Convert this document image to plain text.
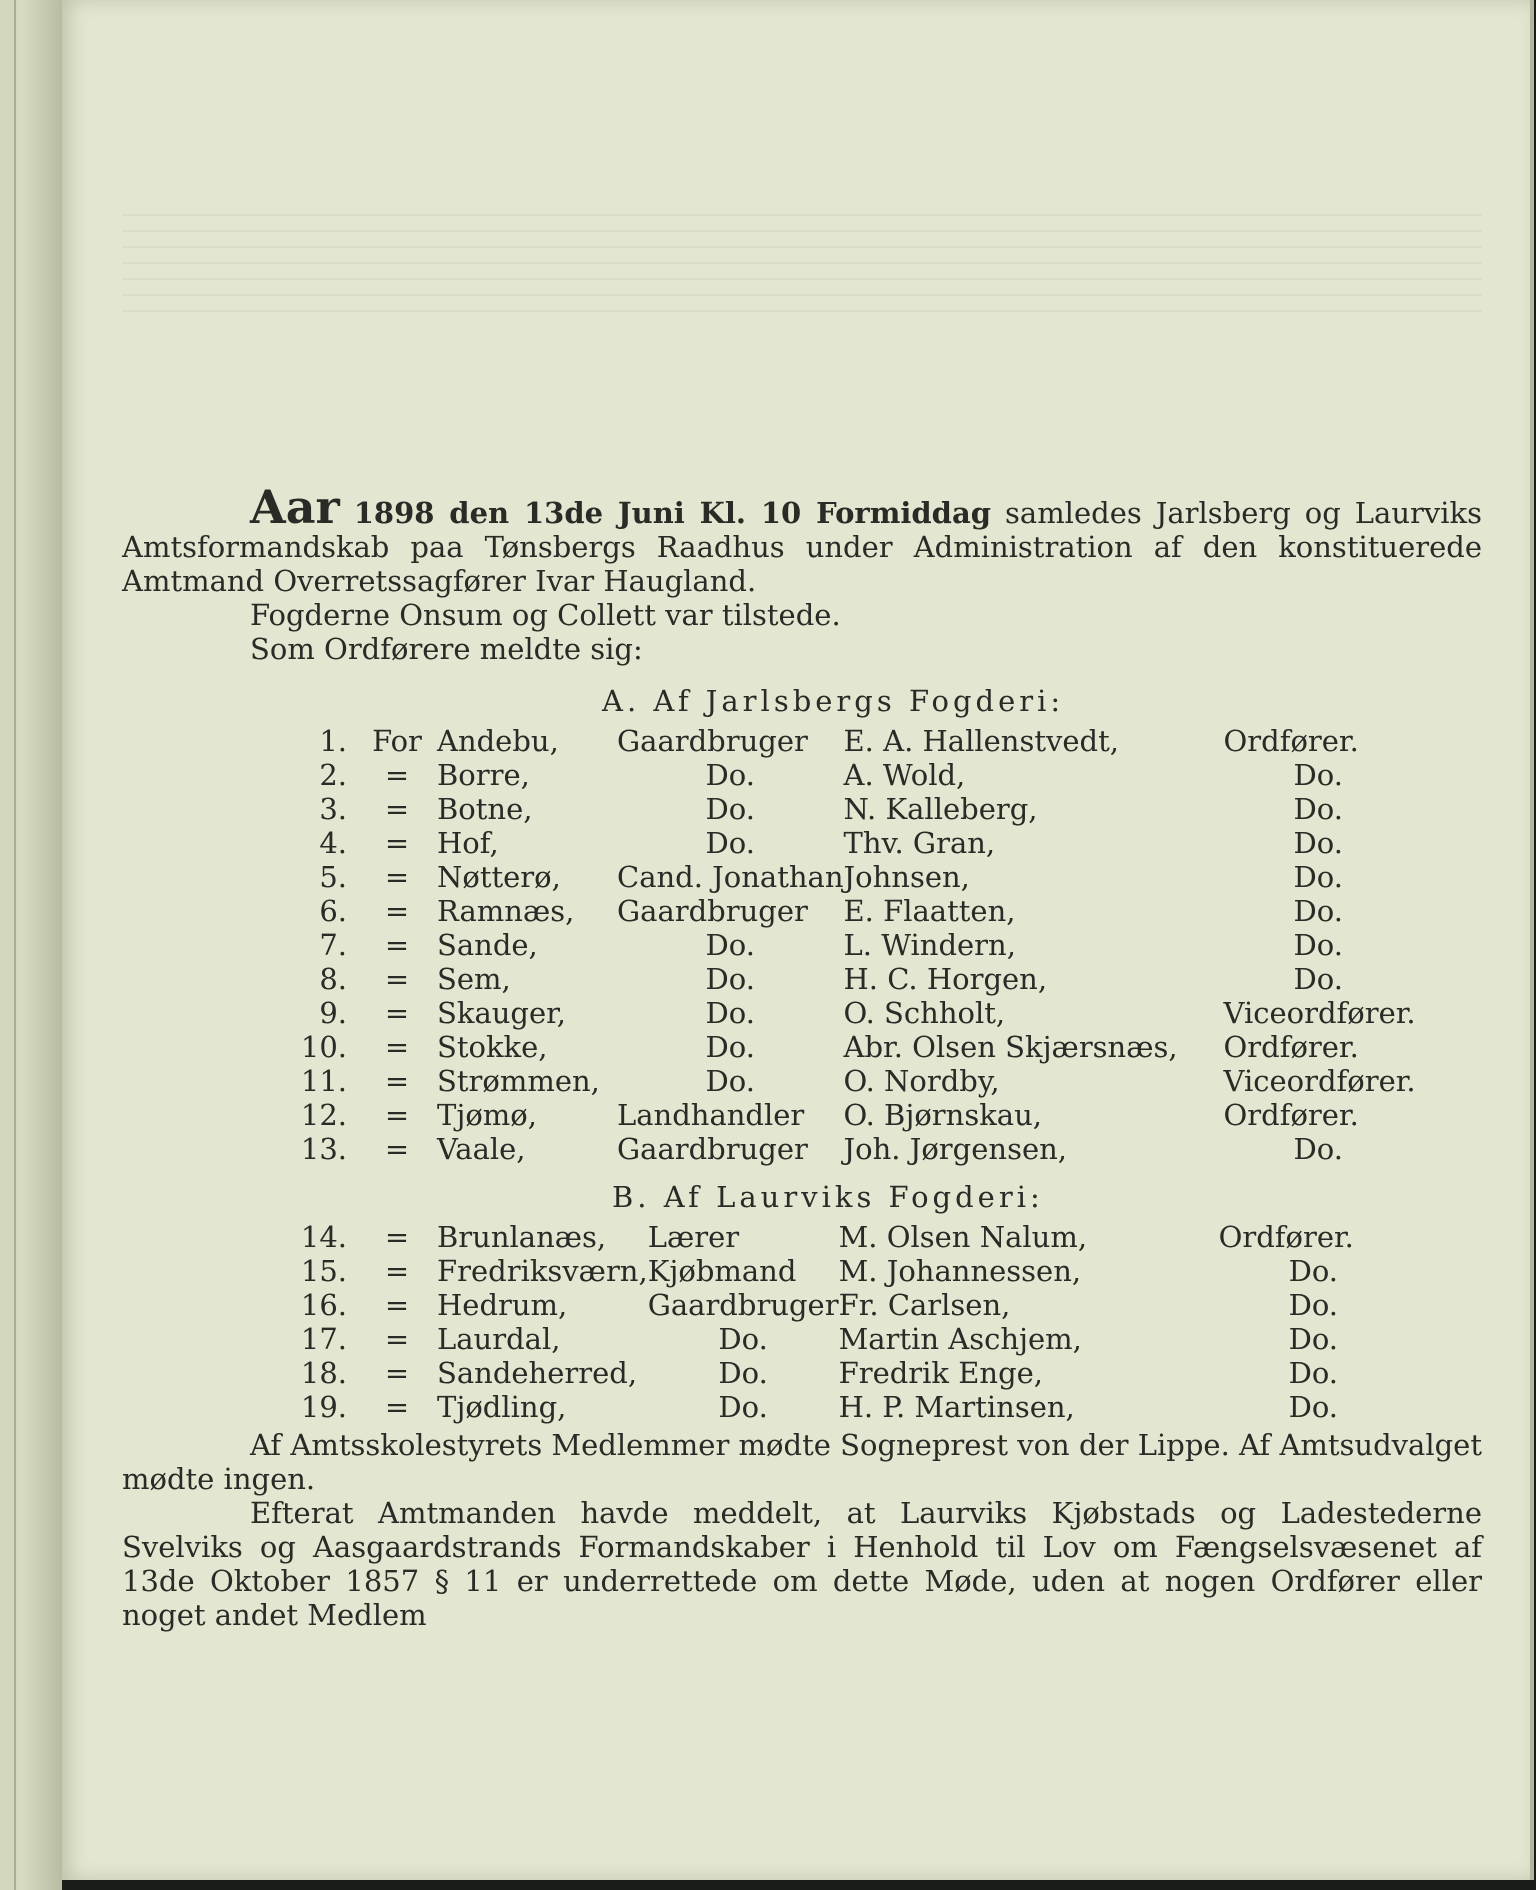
Aar 1898 den 13de Juni Kl. 10 Formiddag samledes Jarlsberg og Laurviks Amtsformandskab paa Tønsbergs Raadhus under Administration af den konstituerede Amtmand Overretssagfører Ivar Haugland.

Fogderne Onsum og Collett var tilstede.

Som Ordførere meldte sig:

A. Af Jarlsbergs Fogderi:
1.	For	Andebu,	Gaardbruger	E. A. Hallenstvedt,	Ordfører.
2.	=	Borre,	Do.	A. Wold,	Do.
3.	=	Botne,	Do.	N. Kalleberg,	Do.
4.	=	Hof,	Do.	Thv. Gran,	Do.
5.	=	Nøtterø,	Cand. Jonathan	Johnsen,	Do.
6.	=	Ramnæs,	Gaardbruger	E. Flaatten,	Do.
7.	=	Sande,	Do.	L. Windern,	Do.
8.	=	Sem,	Do.	H. C. Horgen,	Do.
9.	=	Skauger,	Do.	O. Schholt,	Viceordfører.
10.	=	Stokke,	Do.	Abr. Olsen Skjærsnæs,	Ordfører.
11.	=	Strømmen,	Do.	O. Nordby,	Viceordfører.
12.	=	Tjømø,	Landhandler	O. Bjørnskau,	Ordfører.
13.	=	Vaale,	Gaardbruger	Joh. Jørgensen,	Do.
B. Af Laurviks Fogderi:
14.	=	Brunlanæs,	Lærer	M. Olsen Nalum,	Ordfører.
15.	=	Fredriksværn,	Kjøbmand	M. Johannessen,	Do.
16.	=	Hedrum,	Gaardbruger	Fr. Carlsen,	Do.
17.	=	Laurdal,	Do.	Martin Aschjem,	Do.
18.	=	Sandeherred,	Do.	Fredrik Enge,	Do.
19.	=	Tjødling,	Do.	H. P. Martinsen,	Do.

Af Amtsskolestyrets Medlemmer mødte Sogneprest von der Lippe. Af Amtsudvalget mødte ingen.

Efterat Amtmanden havde meddelt, at Laurviks Kjøbstads og Ladestederne Svelviks og Aasgaardstrands Formandskaber i Henhold til Lov om Fængselsvæsenet af 13de Oktober 1857 § 11 er underrettede om dette Møde, uden at nogen Ordfører eller noget andet Medlem
